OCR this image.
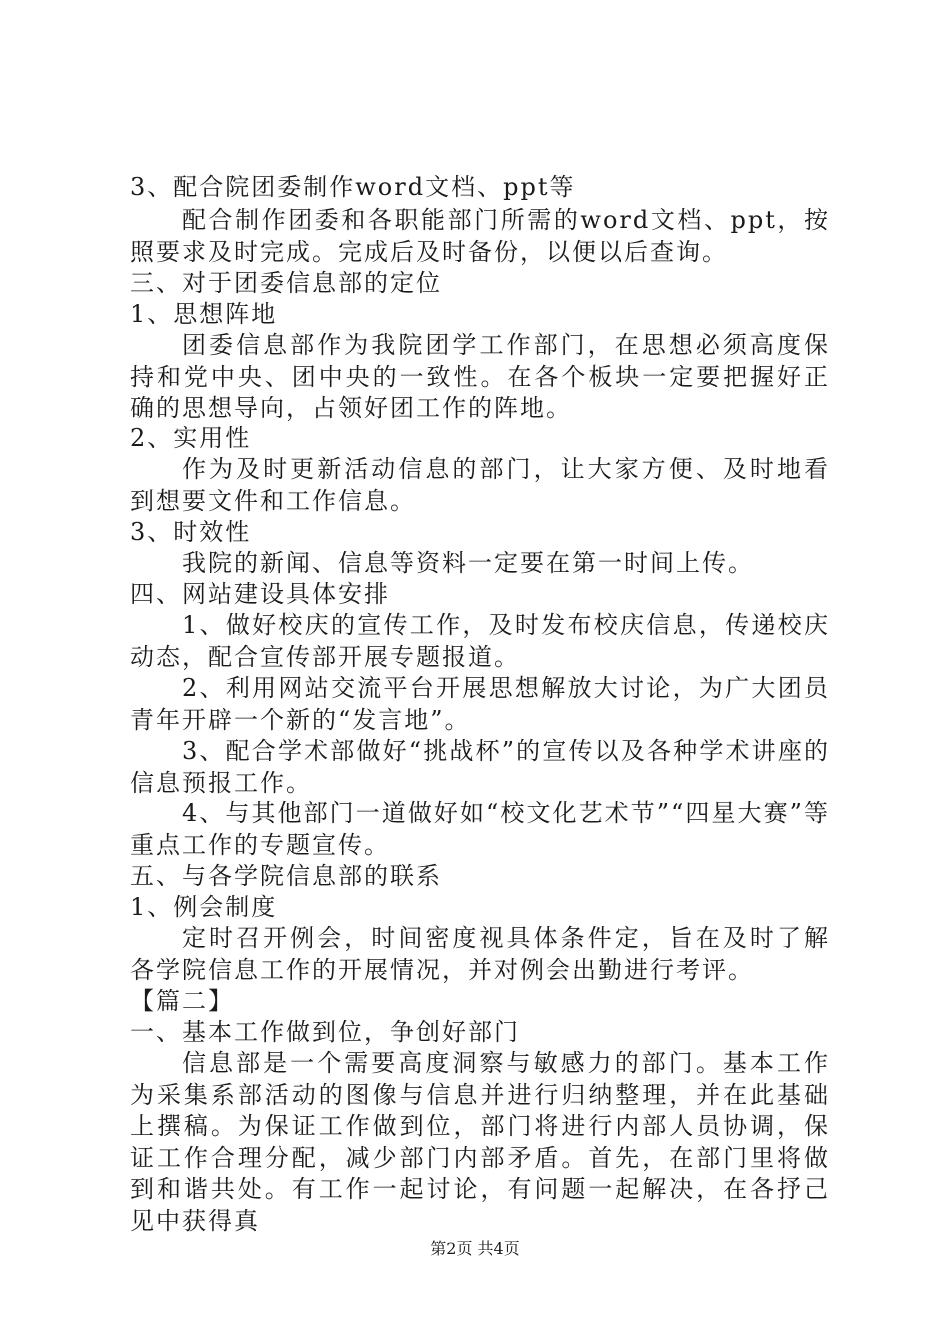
3、配合院团委制作word文档、ppt等
配合制作团委和各职能部门所需的word文档、ppt，按照要求及时完成。完成后及时备份，以便以后查询。
三、对于团委信息部的定位
1、思想阵地
团委信息部作为我院团学工作部门，在思想必须高度保持和党中央、团中央的一致性。在各个板块一定要把握好正确的思想导向，占领好团工作的阵地。
2、实用性
作为及时更新活动信息的部门，让大家方便、及时地看到想要文件和工作信息。
3、时效性
我院的新闻、信息等资料一定要在第一时间上传。
四、网站建设具体安排
1、做好校庆的宣传工作，及时发布校庆信息，传递校庆动态，配合宣传部开展专题报道。
2、利用网站交流平台开展思想解放大讨论，为广大团员青年开辟一个新的“发言地”。
3、配合学术部做好“挑战杯”的宣传以及各种学术讲座的信息预报工作。
4、与其他部门一道做好如“校文化艺术节”“四星大赛”等重点工作的专题宣传。
五、与各学院信息部的联系
1、例会制度
定时召开例会，时间密度视具体条件定，旨在及时了解各学院信息工作的开展情况，并对例会出勤进行考评。
【篇二】
一、基本工作做到位，争创好部门
信息部是一个需要高度洞察与敏感力的部门。基本工作为采集系部活动的图像与信息并进行归纳整理，并在此基础上撰稿。为保证工作做到位，部门将进行内部人员协调，保证工作合理分配，减少部门内部矛盾。首先，在部门里将做到和谐共处。有工作一起讨论，有问题一起解决，在各抒己见中获得真
第2页 共4页
